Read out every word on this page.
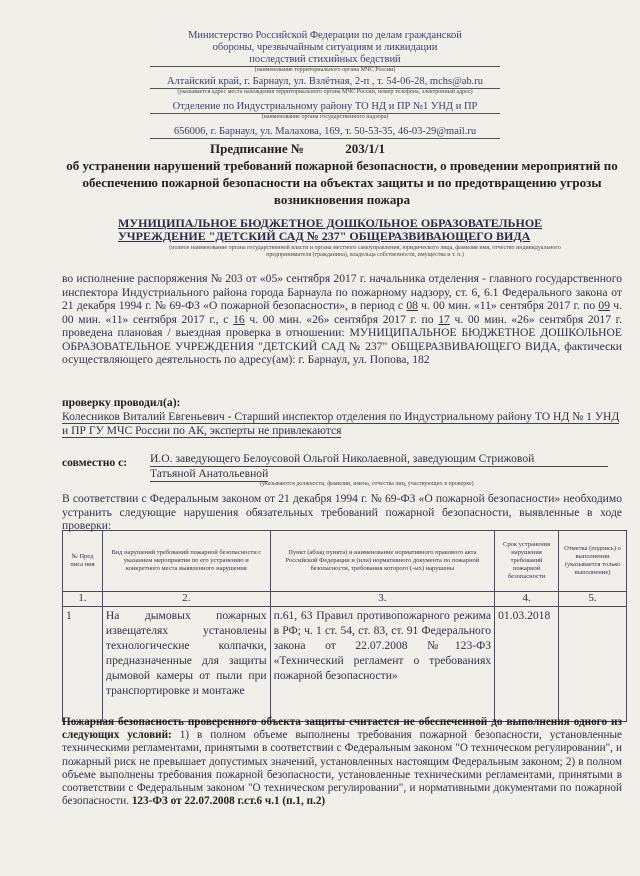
Министерство Российской Федерации по делам гражданской
обороны, чрезвычайным ситуациям и ликвидации
последствий стихийных бедствий
(наименование территориального органа МЧС России)
Алтайский край, г. Барнаул, ул. Взлётная, 2-п , т. 54-06-28, mchs@ab.ru
(указывается адрес места нахождения территориального органа МЧС России, номер телефона, электронный адрес)
Отделение по Индустриальному району ТО НД и ПР №1 УНД и ПР
(наименование органа государственного надзора)
656006, г. Барнаул, ул. Малахова, 169, т. 50-53-35, 46-03-29@mail.ru
Предписание №	203/1/1
об устранении нарушений требований пожарной безопасности, о проведении мероприятий по обеспечению пожарной безопасности на объектах защиты и по предотвращению угрозы возникновения пожара
МУНИЦИПАЛЬНОЕ БЮДЖЕТНОЕ ДОШКОЛЬНОЕ ОБРАЗОВАТЕЛЬНОЕ УЧРЕЖДЕНИЕ "ДЕТСКИЙ САД № 237" ОБЩЕРАЗВИВАЮЩЕГО ВИДА
(полное наименование органа государственной власти и органа местного самоуправления, юридического лица, фамилия имя, отчество индивидуального предпринимателя (гражданина), владельца собственности, имущества и т. п.)
во исполнение распоряжения № 203 от «05» сентября 2017 г. начальника отделения - главного государственного инспектора Индустриального района города Барнаула по пожарному надзору, ст. 6, 6.1 Федерального закона от 21 декабря 1994 г. № 69-ФЗ «О пожарной безопасности», в период с 08 ч. 00 мин. «11» сентября 2017 г. по 09 ч. 00 мин. «11» сентября 2017 г., с 16 ч. 00 мин. «26» сентября 2017 г. по 17 ч. 00 мин. «26» сентября 2017 г. проведена плановая / выездная проверка в отношении: МУНИЦИПАЛЬНОЕ БЮДЖЕТНОЕ ДОШКОЛЬНОЕ ОБРАЗОВАТЕЛЬНОЕ УЧРЕЖДЕНИЯ "ДЕТСКИЙ САД № 237" ОБЩЕРАЗВИВАЮЩЕГО ВИДА, фактически осуществляющего деятельность по адресу(ам): г. Барнаул, ул. Попова, 182
проверку проводил(а):
Колесников Виталий Евгеньевич - Старший инспектор отделения по Индустриальному району ТО НД № 1 УНД и ПР ГУ МЧС России по АК, эксперты не привлекаются
совместно с: И.О. заведующего Белоусовой Ольгой Николаевной, заведующим Стрижовой
Татьяной Анатольевной
(указываются должности, фамилии, имена, отчества лиц, участвующих в проверке)
В соответствии с Федеральным законом от 21 декабря 1994 г. № 69-ФЗ «О пожарной безопасности» необходимо устранить следующие нарушения обязательных требований пожарной безопасности, выявленные в ходе проверки:
№ Пред писа ния	Вид нарушений требований пожарной безопасности с указанием мероприятия по его устранению и конкретного места выявленного нарушения	Пункт (абзац пункта) и наименование нормативного правового акта Российской Федерации и (или) нормативного документа по пожарной безопасности, требования которого (-ых) нарушены	Срок устранения нарушения требований пожарной безопасности	Отметка (подпись) о выполнении (указывается только выполнение)
1.	2.	3.	4.	5.
1	На дымовых пожарных извещателях установлены технологические колпачки, предназначенные для защиты дымовой камеры от пыли при транспортировке и монтаже	п.61, 63 Правил противопожарного режима в РФ; ч. 1 ст. 54, ст. 83, ст. 91 Федерального закона от 22.07.2008 №123-ФЗ «Технический регламент о требованиях пожарной безопасности»	01.03.2018	
Пожарная безопасность проверенного объекта защиты считается не обеспеченной до выполнения одного из следующих условий: 1) в полном объеме выполнены требования пожарной безопасности, установленные техническими регламентами, принятыми в соответствии с Федеральным законом "О техническом регулировании", и пожарный риск не превышает допустимых значений, установленных настоящим Федеральным законом; 2) в полном объеме выполнены требования пожарной безопасности, установленные техническими регламентами, принятыми в соответствии с Федеральным законом "О техническом регулировании", и нормативными документами по пожарной безопасности. 123-ФЗ от 22.07.2008 г.ст.6 ч.1 (п.1, п.2)
